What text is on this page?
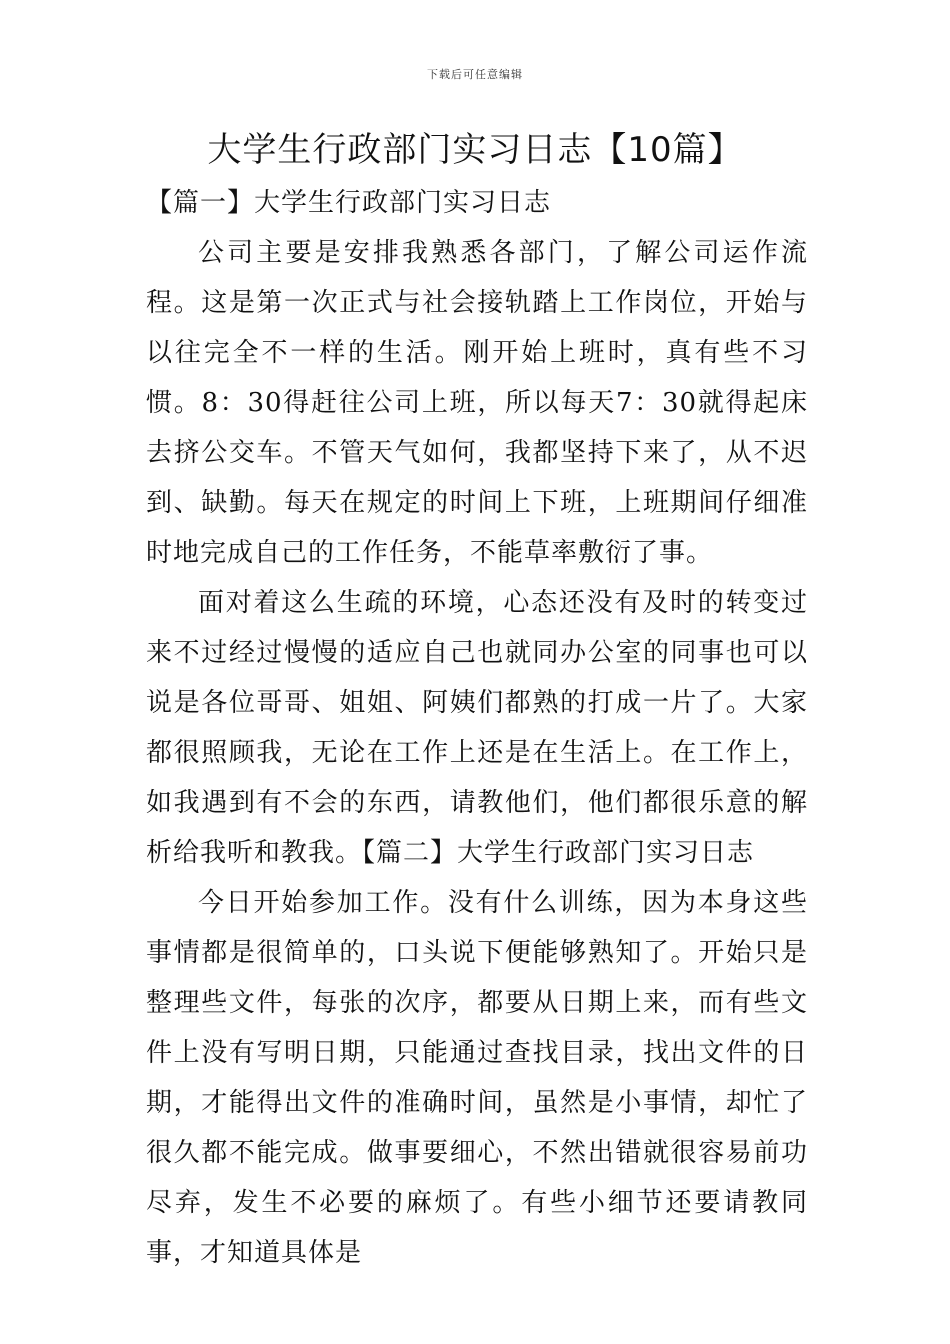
下载后可任意编辑
大学生行政部门实习日志【10篇】

【篇一】大学生行政部门实习日志

公司主要是安排我熟悉各部门，了解公司运作流程。这是第一次正式与社会接轨踏上工作岗位，开始与以往完全不一样的生活。刚开始上班时，真有些不习惯。8：30得赶往公司上班，所以每天7：30就得起床去挤公交车。不管天气如何，我都坚持下来了，从不迟到、缺勤。每天在规定的时间上下班，上班期间仔细准时地完成自己的工作任务，不能草率敷衍了事。

面对着这么生疏的环境，心态还没有及时的转变过来不过经过慢慢的适应自己也就同办公室的同事也可以说是各位哥哥、姐姐、阿姨们都熟的打成一片了。大家都很照顾我，无论在工作上还是在生活上。在工作上，如我遇到有不会的东西，请教他们，他们都很乐意的解析给我听和教我。【篇二】大学生行政部门实习日志

今日开始参加工作。没有什么训练，因为本身这些事情都是很简单的，口头说下便能够熟知了。开始只是整理些文件，每张的次序，都要从日期上来，而有些文件上没有写明日期，只能通过查找目录，找出文件的日期，才能得出文件的准确时间，虽然是小事情，却忙了很久都不能完成。做事要细心，不然出错就很容易前功尽弃，发生不必要的麻烦了。有些小细节还要请教同事，才知道具体是
